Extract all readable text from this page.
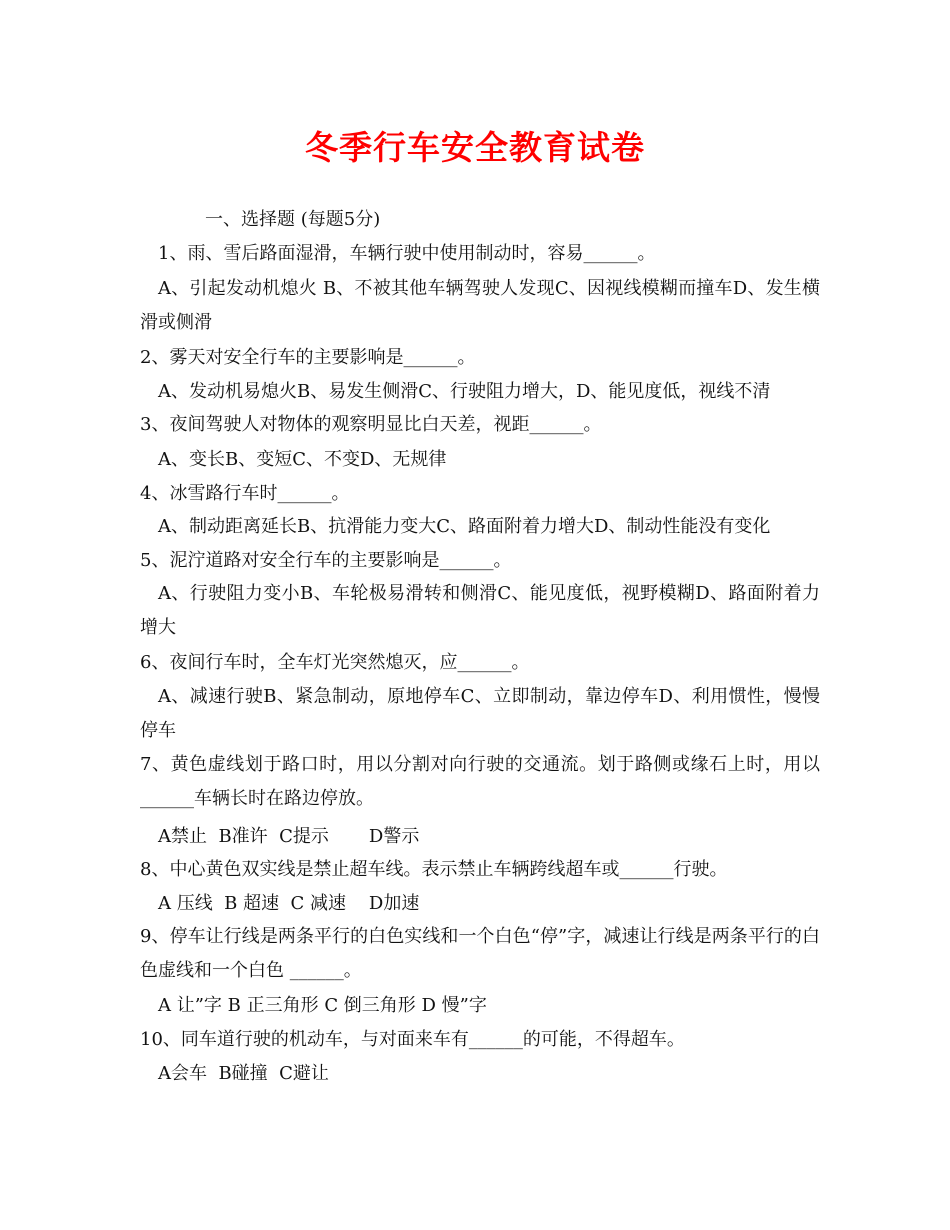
冬季行车安全教育试卷
一、选择题 (每题5分)
1、雨、雪后路面湿滑，车辆行驶中使用制动时，容易______。
A、引起发动机熄火 B、不被其他车辆驾驶人发现C、因视线模糊而撞车D、发生横滑或侧滑
2、雾天对安全行车的主要影响是______。
A、发动机易熄火B、易发生侧滑C、行驶阻力增大，D、能见度低，视线不清
3、夜间驾驶人对物体的观察明显比白天差，视距______。
A、变长B、变短C、不变D、无规律
4、冰雪路行车时______。
A、制动距离延长B、抗滑能力变大C、路面附着力增大D、制动性能没有变化
5、泥泞道路对安全行车的主要影响是______。
A、行驶阻力变小B、车轮极易滑转和侧滑C、能见度低，视野模糊D、路面附着力增大
6、夜间行车时，全车灯光突然熄灭，应______。
A、减速行驶B、紧急制动，原地停车C、立即制动，靠边停车D、利用惯性，慢慢停车
7、黄色虚线划于路口时，用以分割对向行驶的交通流。划于路侧或缘石上时，用以______车辆长时在路边停放。
A禁止  B准许  C提示       D警示
8、中心黄色双实线是禁止超车线。表示禁止车辆跨线超车或______行驶。
A 压线  B 超速  C 减速    D加速
9、停车让行线是两条平行的白色实线和一个白色“停”字，减速让行线是两条平行的白色虚线和一个白色 ______。
A 让”字 B 正三角形 C 倒三角形 D 慢”字
10、同车道行驶的机动车，与对面来车有______的可能，不得超车。
A会车  B碰撞  C避让
